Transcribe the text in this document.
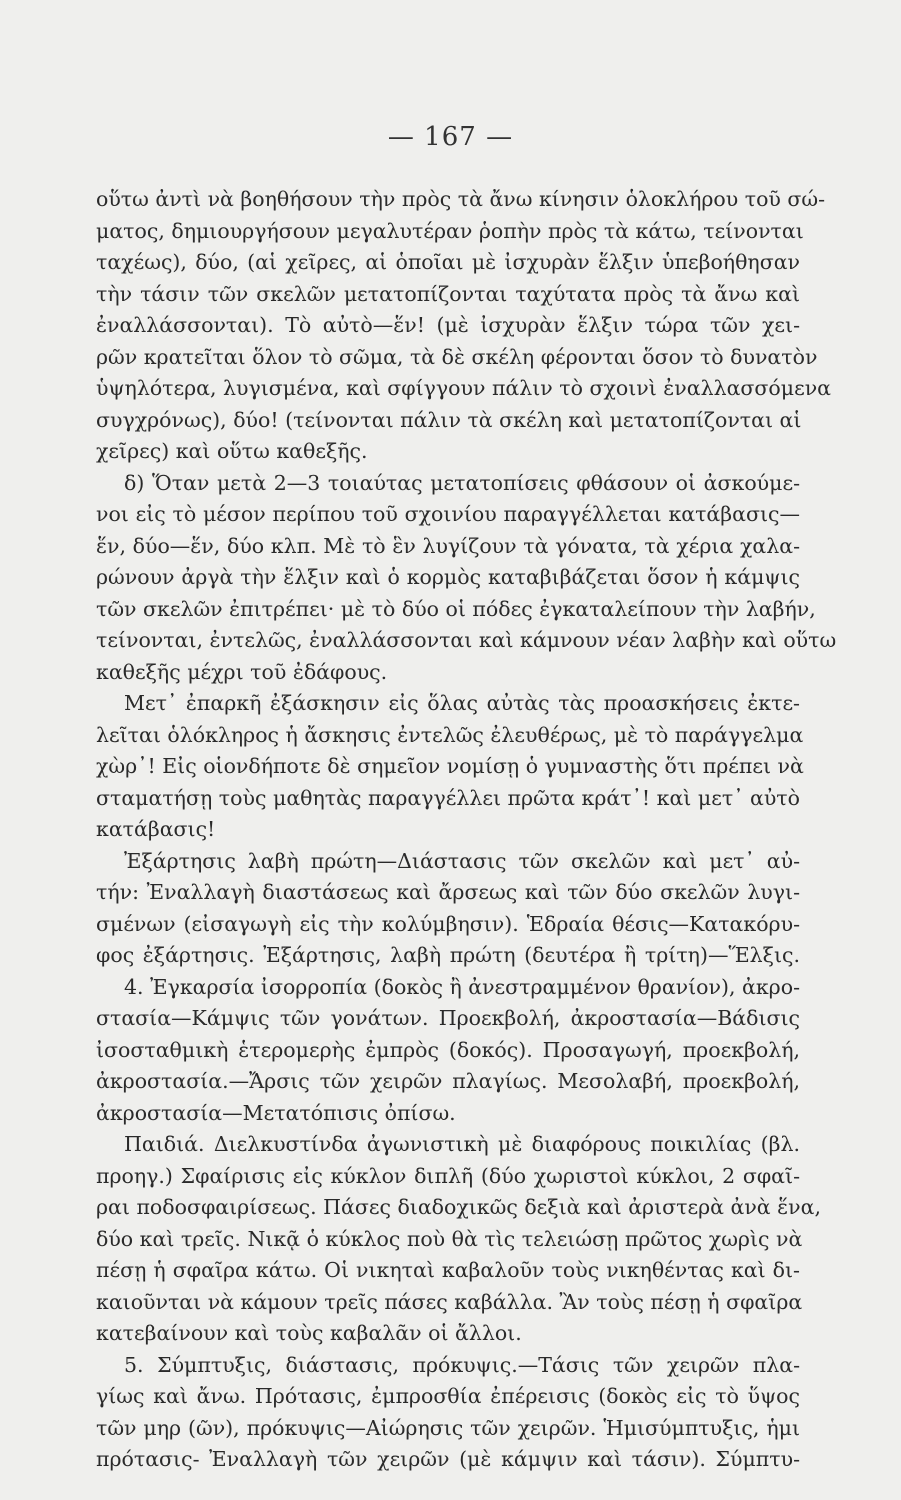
— 167 —
οὕτω ἀντὶ νὰ βοηθήσουν τὴν πρὸς τὰ ἄνω κίνησιν ὁλοκλήρου τοῦ σώ-
ματος, δημιουργήσουν μεγαλυτέραν ῥοπὴν πρὸς τὰ κάτω, τείνονται
ταχέως), δύο, (αἱ χεῖρες, αἱ ὁποῖαι μὲ ἰσχυρὰν ἕλξιν ὑπεβοήθησαν
τὴν τάσιν τῶν σκελῶν μετατοπίζονται ταχύτατα πρὸς τὰ ἄνω καὶ
ἐναλλάσσονται). Τὸ αὐτὸ—ἕν! (μὲ ἰσχυρὰν ἕλξιν τώρα τῶν χει-
ρῶν κρατεῖται ὅλον τὸ σῶμα, τὰ δὲ σκέλη φέρονται ὅσον τὸ δυνατὸν
ὑψηλότερα, λυγισμένα, καὶ σφίγγουν πάλιν τὸ σχοινὶ ἐναλλασσόμενα
συγχρόνως), δύο! (τείνονται πάλιν τὰ σκέλη καὶ μετατοπίζονται αἱ
χεῖρες) καὶ οὕτω καθεξῆς.
δ) Ὅταν μετὰ 2—3 τοιαύτας μετατοπίσεις φθάσουν οἱ ἀσκούμε-
νοι εἰς τὸ μέσον περίπου τοῦ σχοινίου παραγγέλλεται κατάβασις—
ἕν, δύο—ἕν, δύο κλπ. Μὲ τὸ ἓν λυγίζουν τὰ γόνατα, τὰ χέρια χαλα-
ρώνουν ἀργὰ τὴν ἕλξιν καὶ ὁ κορμὸς καταβιβάζεται ὅσον ἡ κάμψις
τῶν σκελῶν ἐπιτρέπει· μὲ τὸ δύο οἱ πόδες ἐγκαταλείπουν τὴν λαβήν,
τείνονται, ἐντελῶς, ἐναλλάσσονται καὶ κάμνουν νέαν λαβὴν καὶ οὕτω
καθεξῆς μέχρι τοῦ ἐδάφους.
Μετ᾽ ἐπαρκῆ ἐξάσκησιν εἰς ὅλας αὐτὰς τὰς προασκήσεις ἐκτε-
λεῖται ὁλόκληρος ἡ ἄσκησις ἐντελῶς ἐλευθέρως, μὲ τὸ παράγγελμα
χὼρ᾽! Εἰς οἱονδήποτε δὲ σημεῖον νομίσῃ ὁ γυμναστὴς ὅτι πρέπει νὰ
σταματήσῃ τοὺς μαθητὰς παραγγέλλει πρῶτα κράτ᾽! καὶ μετ᾽ αὐτὸ
κατάβασις!
Ἐξάρτησις λαβὴ πρώτη—Διάστασις τῶν σκελῶν καὶ μετ᾽ αὐ-
τήν: Ἐναλλαγὴ διαστάσεως καὶ ἄρσεως καὶ τῶν δύο σκελῶν λυγι-
σμένων (εἰσαγωγὴ εἰς τὴν κολύμβησιν). Ἑδραία θέσις—Κατακόρυ-
φος ἐξάρτησις. Ἐξάρτησις, λαβὴ πρώτη (δευτέρα ἢ τρίτη)—Ἕλξις.
4. Ἐγκαρσία ἰσορροπία (δοκὸς ἢ ἀνεστραμμένον θρανίον), ἀκρο-
στασία—Κάμψις τῶν γονάτων. Προεκβολή, ἀκροστασία—Βάδισις
ἰσοσταθμικὴ ἑτερομερὴς ἐμπρὸς (δοκός). Προσαγωγή, προεκβολή,
ἀκροστασία.—Ἄρσις τῶν χειρῶν πλαγίως. Μεσολαβή, προεκβολή,
ἀκροστασία—Μετατόπισις ὀπίσω.
Παιδιά. Διελκυστίνδα ἀγωνιστικὴ μὲ διαφόρους ποικιλίας (βλ.
προηγ.) Σφαίρισις εἰς κύκλον διπλῆ (δύο χωριστοὶ κύκλοι, 2 σφαῖ-
ραι ποδοσφαιρίσεως. Πάσες διαδοχικῶς δεξιὰ καὶ ἀριστερὰ ἀνὰ ἕνα,
δύο καὶ τρεῖς. Νικᾷ ὁ κύκλος ποὺ θὰ τὶς τελειώσῃ πρῶτος χωρὶς νὰ
πέσῃ ἡ σφαῖρα κάτω. Οἱ νικηταὶ καβαλοῦν τοὺς νικηθέντας καὶ δι-
καιοῦνται νὰ κάμουν τρεῖς πάσες καβάλλα. Ἂν τοὺς πέσῃ ἡ σφαῖρα
κατεβαίνουν καὶ τοὺς καβαλᾶν οἱ ἄλλοι.
5. Σύμπτυξις, διάστασις, πρόκυψις.—Τάσις τῶν χειρῶν πλα-
γίως καὶ ἄνω. Πρότασις, ἐμπροσθία ἐπέρεισις (δοκὸς εἰς τὸ ὕψος
τῶν μηρ (ῶν), πρόκυψις—Αἰώρησις τῶν χειρῶν. Ἡμισύμπτυξις, ἡμι
πρότασις- Ἐναλλαγὴ τῶν χειρῶν (μὲ κάμψιν καὶ τάσιν). Σύμπτυ-
